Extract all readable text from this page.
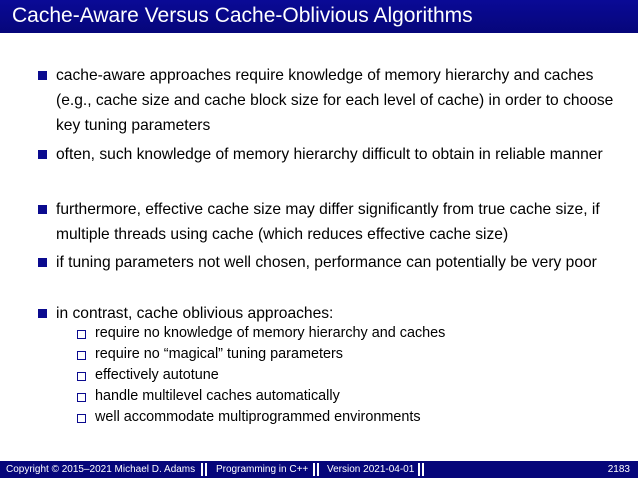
Cache-Aware Versus Cache-Oblivious Algorithms
cache-aware approaches require knowledge of memory hierarchy and caches (e.g., cache size and cache block size for each level of cache) in order to choose key tuning parameters
often, such knowledge of memory hierarchy difficult to obtain in reliable manner
furthermore, effective cache size may differ significantly from true cache size, if multiple threads using cache (which reduces effective cache size)
if tuning parameters not well chosen, performance can potentially be very poor
in contrast, cache oblivious approaches:
require no knowledge of memory hierarchy and caches
require no “magical” tuning parameters
effectively autotune
handle multilevel caches automatically
well accommodate multiprogrammed environments
Copyright © 2015–2021 Michael D. Adams Programming in C++ Version 2021-04-01	2183
